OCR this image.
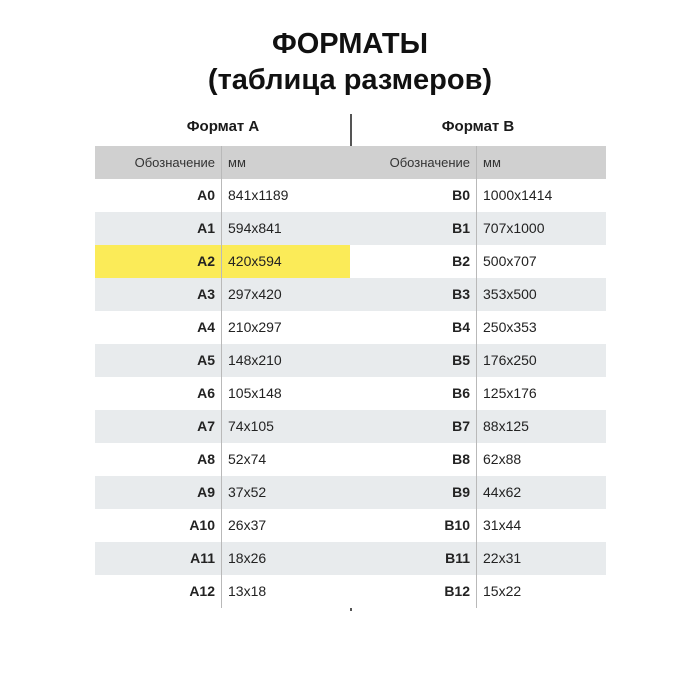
ФОРМАТЫ
(таблица размеров)
Формат А
Обозначение	мм
A0 841x1189
A1 594x841
A2 420x594
A3 297x420
A4 210x297
A5 148x210
A6 105x148
A7 74x105
A8 52x74
A9 37x52
A10 26x37
A11 18x26
A12 13x18
Формат В
Обозначение	мм
B0 1000x1414
B1 707x1000
B2 500x707
B3 353x500
B4 250x353
B5 176x250
B6 125x176
B7 88x125
B8 62x88
B9 44x62
B10 31x44
B11 22x31
B12 15x22
